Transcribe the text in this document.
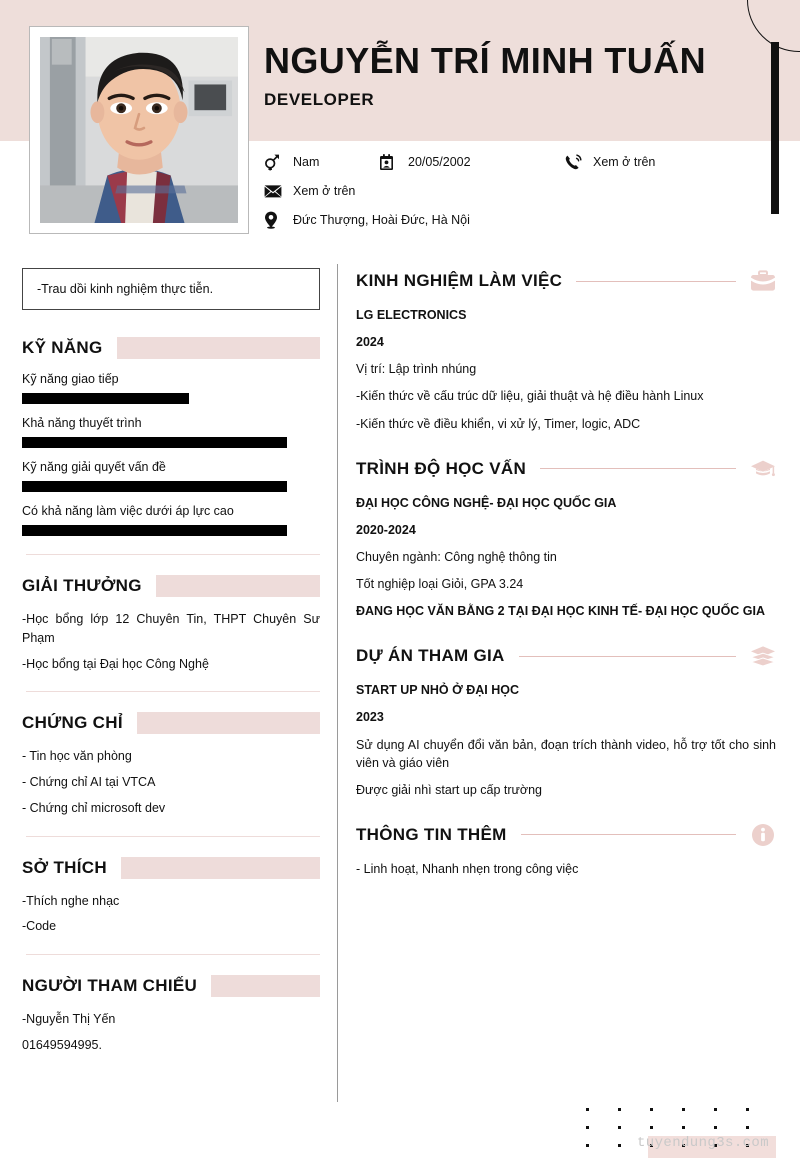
NGUYỄN TRÍ MINH TUẤN
DEVELOPER
Nam	20/05/2002	Xem ở trên
Xem ở trên
Đức Thượng, Hoài Đức, Hà Nội
-Trau dồi kinh nghiệm thực tiễn.
KỸ NĂNG
Kỹ năng giao tiếp
Khả năng thuyết trình
Kỹ năng giải quyết vấn đề
Có khả năng làm việc dưới áp lực cao
GIẢI THƯỞNG

-Học bổng lớp 12 Chuyên Tin, THPT Chuyên Sư Phạm

-Học bổng tại Đại học Công Nghệ

CHỨNG CHỈ

- Tin học văn phòng

- Chứng chỉ AI tại VTCA

- Chứng chỉ microsoft dev

SỞ THÍCH

-Thích nghe nhạc

-Code

NGƯỜI THAM CHIẾU

-Nguyễn Thị Yến

01649594995.

KINH NGHIỆM LÀM VIỆC

LG ELECTRONICS

2024

Vị trí: Lập trình nhúng

-Kiến thức về cấu trúc dữ liệu, giải thuật và hệ điều hành Linux

-Kiến thức về điều khiển, vi xử lý, Timer, logic, ADC

TRÌNH ĐỘ HỌC VẤN

ĐẠI HỌC CÔNG NGHỆ- ĐẠI HỌC QUỐC GIA

2020-2024

Chuyên ngành: Công nghệ thông tin

Tốt nghiệp loại Giỏi, GPA 3.24

ĐANG HỌC VĂN BẰNG 2 TẠI ĐẠI HỌC KINH TẾ- ĐẠI HỌC QUỐC GIA

DỰ ÁN THAM GIA

START UP NHỎ Ở ĐẠI HỌC

2023

Sử dụng AI chuyển đổi văn bản, đoạn trích thành video, hỗ trợ tốt cho sinh viên và giáo viên

Được giải nhì start up cấp trường

THÔNG TIN THÊM

- Linh hoạt, Nhanh nhẹn trong công việc

tuyendung3s.com
